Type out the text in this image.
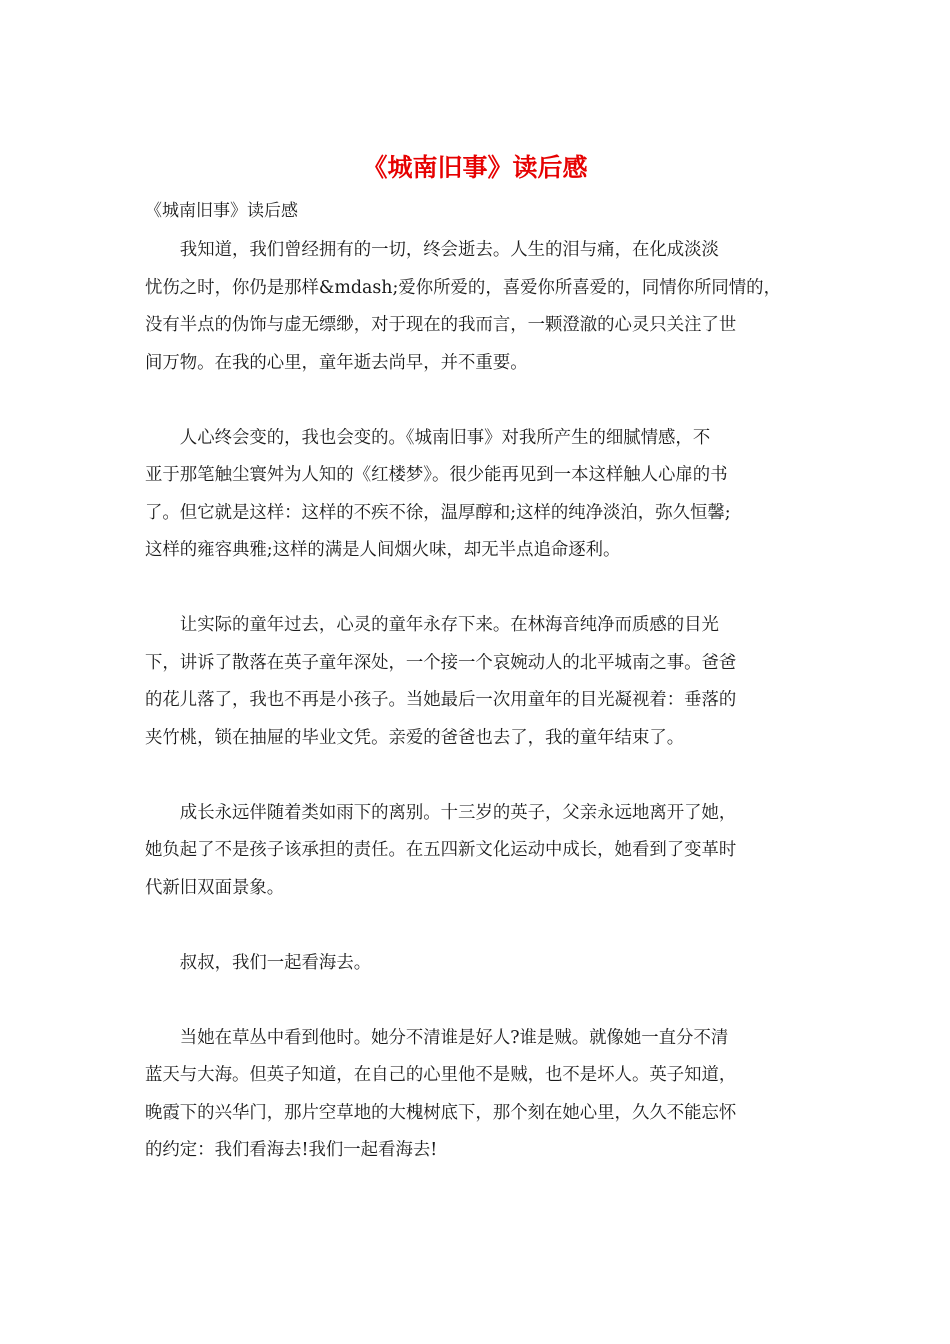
《城南旧事》读后感

《城南旧事》读后感

我知道，我们曾经拥有的一切，终会逝去。人生的泪与痛，在化成淡淡
忧伤之时，你仍是那样&mdash;爱你所爱的，喜爱你所喜爱的，同情你所同情的，
没有半点的伪饰与虚无缥缈，对于现在的我而言，一颗澄澈的心灵只关注了世
间万物。在我的心里，童年逝去尚早，并不重要。
人心终会变的，我也会变的。《城南旧事》对我所产生的细腻情感，不
亚于那笔触尘寰舛为人知的《红楼梦》。很少能再见到一本这样触人心扉的书
了。但它就是这样：这样的不疾不徐，温厚醇和;这样的纯净淡泊，弥久恒馨;
这样的雍容典雅;这样的满是人间烟火味，却无半点追命逐利。
让实际的童年过去，心灵的童年永存下来。在林海音纯净而质感的目光
下，讲诉了散落在英子童年深处，一个接一个哀婉动人的北平城南之事。爸爸
的花儿落了，我也不再是小孩子。当她最后一次用童年的目光凝视着：垂落的
夹竹桃，锁在抽屉的毕业文凭。亲爱的爸爸也去了，我的童年结束了。
成长永远伴随着类如雨下的离别。十三岁的英子，父亲永远地离开了她，
她负起了不是孩子该承担的责任。在五四新文化运动中成长，她看到了变革时
代新旧双面景象。
叔叔，我们一起看海去。
当她在草丛中看到他时。她分不清谁是好人?谁是贼。就像她一直分不清
蓝天与大海。但英子知道，在自己的心里他不是贼，也不是坏人。英子知道，
晚霞下的兴华门，那片空草地的大槐树底下，那个刻在她心里，久久不能忘怀
的约定：我们看海去!我们一起看海去!
